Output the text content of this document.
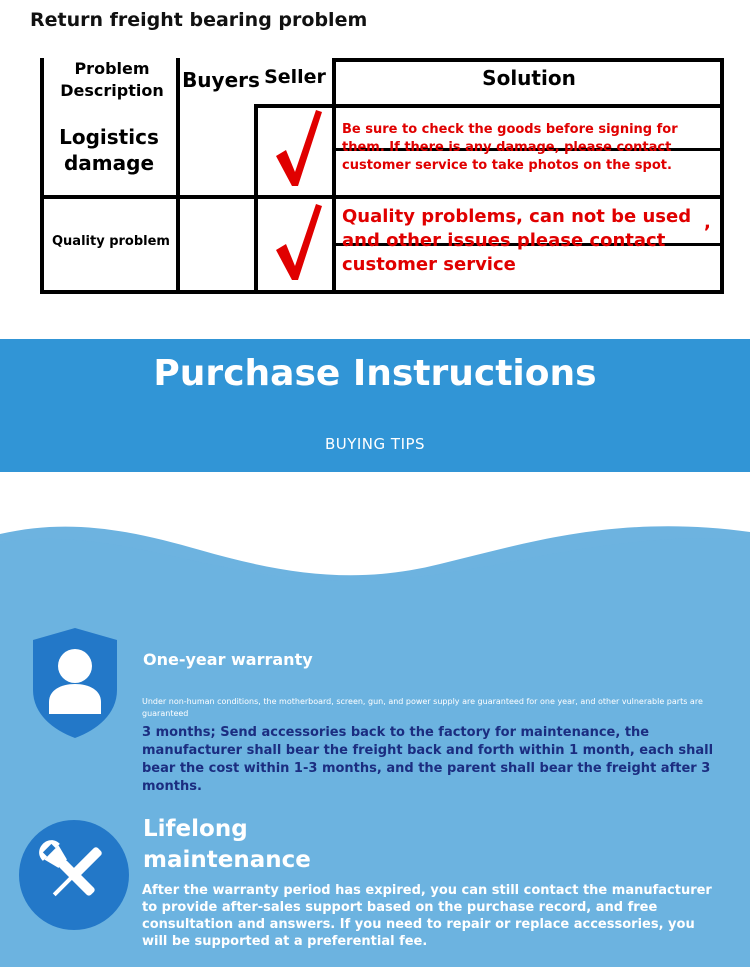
Return freight bearing problem
Problem
Description Buyers Seller	Solution
Logistics
damage
Be sure to check the goods before signing for them. If there is any damage, please contact customer service to take photos on the spot.
Quality problem
Quality problems, can not be used and other issues please contact customer service
,
Purchase Instructions
BUYING TIPS
One-year warranty
Under non-human conditions, the motherboard, screen, gun, and power supply are guaranteed for one year, and other vulnerable parts are guaranteed
3 months; Send accessories back to the factory for maintenance, the manufacturer shall bear the freight back and forth within 1 month, each shall bear the cost within 1-3 months, and the parent shall bear the freight after 3 months.
Lifelong maintenance
After the warranty period has expired, you can still contact the manufacturer to provide after-sales support based on the purchase record, and free consultation and answers. If you need to repair or replace accessories, you will be supported at a preferential fee.
